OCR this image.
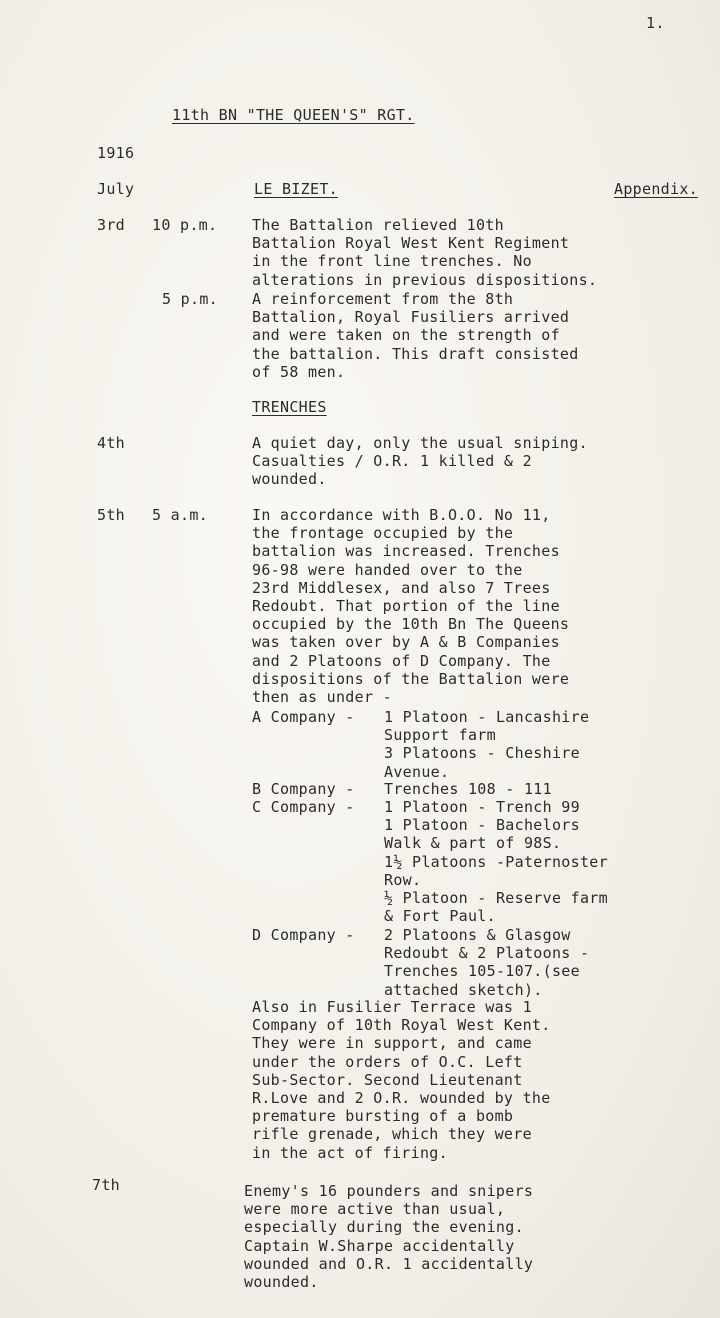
1.
11th BN "THE QUEEN'S" RGT.
1916
July	LE BIZET.	Appendix.
3rd 10 p.m. The Battalion relieved 10th
Battalion Royal West Kent Regiment
in the front line trenches. No
alterations in previous dispositions.
5 p.m. A reinforcement from the 8th
Battalion, Royal Fusiliers arrived
and were taken on the strength of
the battalion. This draft consisted
of 58 men.
TRENCHES
4th	A quiet day, only the usual sniping.
Casualties / O.R. 1 killed & 2
wounded.
5th 5 a.m.	In accordance with B.O.O. No 11,
the frontage occupied by the
battalion was increased. Trenches
96-98 were handed over to the
23rd Middlesex, and also 7 Trees
Redoubt. That portion of the line
occupied by the 10th Bn The Queens
was taken over by A & B Companies
and 2 Platoons of D Company. The
dispositions of the Battalion were
then as under -
A Company - 1 Platoon - Lancashire
Support farm
3 Platoons - Cheshire
Avenue.
B Company - Trenches 108 - 111
C Company - 1 Platoon - Trench 99
1 Platoon - Bachelors
Walk & part of 98S.
1½ Platoons -Paternoster
Row.
½ Platoon - Reserve farm
& Fort Paul.
D Company - 2 Platoons & Glasgow
Redoubt & 2 Platoons -
Trenches 105-107.(see
attached sketch).
Also in Fusilier Terrace was 1
Company of 10th Royal West Kent.
They were in support, and came
under the orders of O.C. Left
Sub-Sector. Second Lieutenant
R.Love and 2 O.R. wounded by the
premature bursting of a bomb
rifle grenade, which they were
in the act of firing.
7th	Enemy's 16 pounders and snipers
were more active than usual,
especially during the evening.
Captain W.Sharpe accidentally
wounded and O.R. 1 accidentally
wounded.
